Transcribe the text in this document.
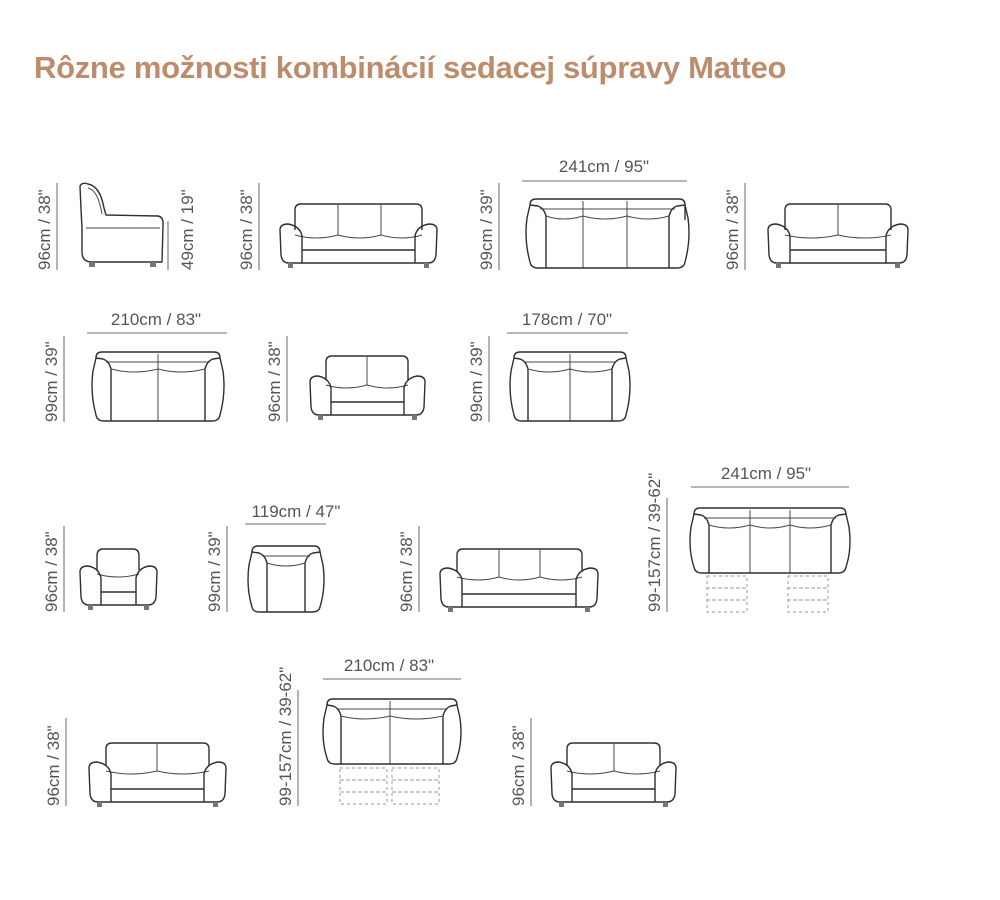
Rôzne možnosti kombinácií sedacej súpravy Matteo
96cm / 38"	49cm / 19" 96cm / 38"
241cm / 95"
99cm / 39"	96cm / 38"
210cm / 83"
99cm / 39"	96cm / 38"
178cm / 70"
99cm / 39"
96cm / 38"
119cm / 47"
99cm / 39"	96cm / 38"
241cm / 95"
99-157cm / 39-62"
96cm / 38"
210cm / 83"
99-157cm / 39-62"	96cm / 38"
